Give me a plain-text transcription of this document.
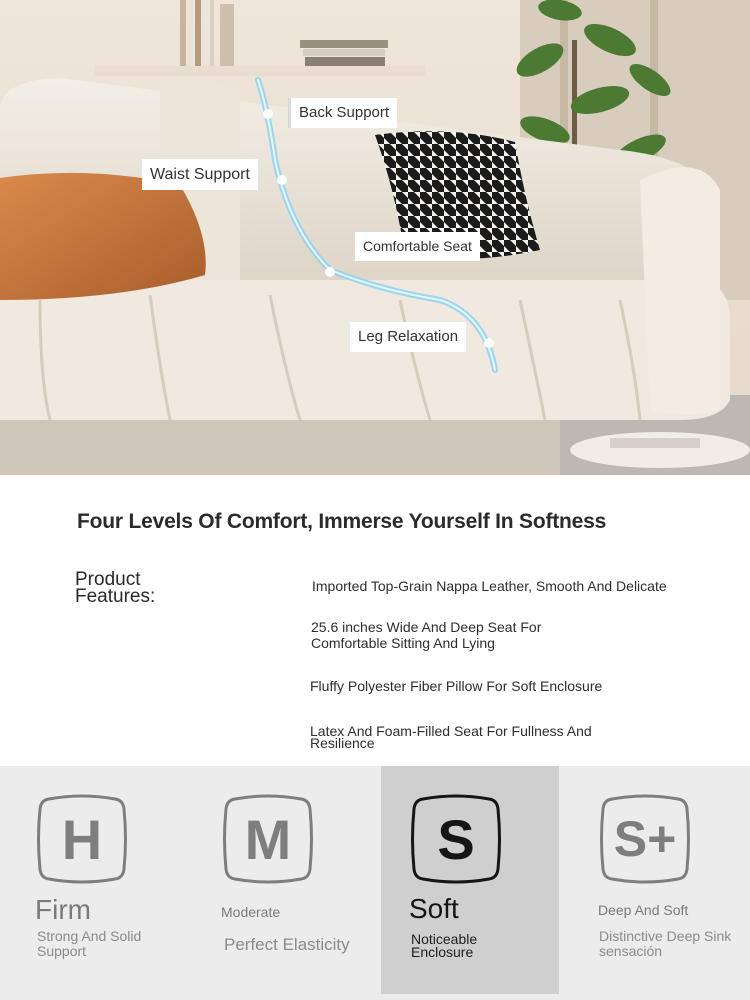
Back Support
Waist Support
Comfortable Seat
Leg Relaxation
Four Levels Of Comfort, Immerse Yourself In Softness
Product Features:	Imported Top-Grain Nappa Leather, Smooth And Delicate
25.6 inches Wide And Deep Seat For Comfortable Sitting And Lying
Fluffy Polyester Fiber Pillow For Soft Enclosure
Latex And Foam-Filled Seat For Fullness And Resilience
H
Firm
Strong And Solid Support
M
Moderate
Perfect Elasticity
S
Soft
Noticeable Enclosure
S+
Deep And Soft
Distinctive Deep Sink sensación
